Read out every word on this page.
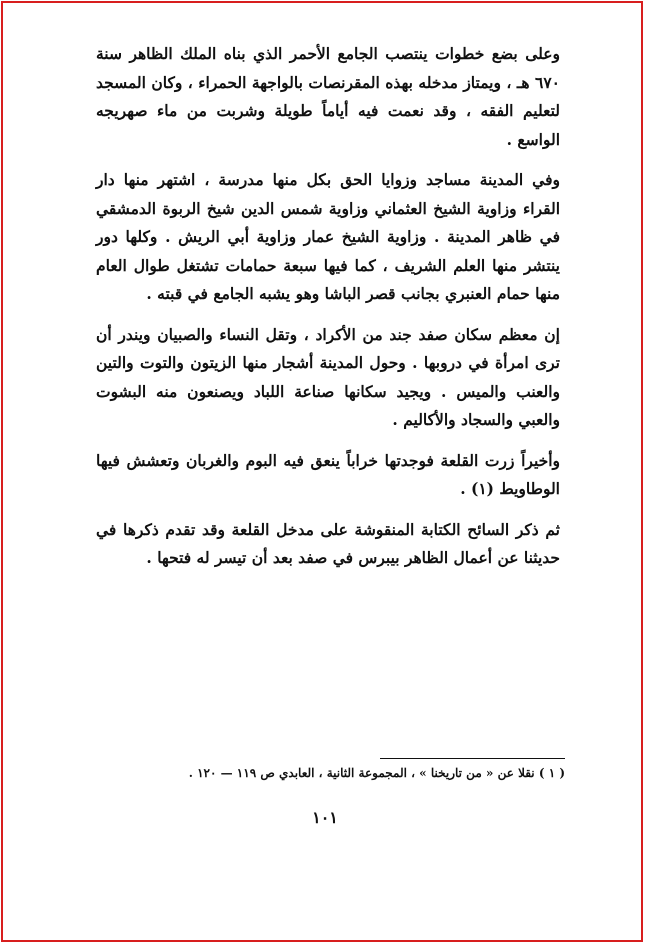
وعلى بضع خطوات ينتصب الجامع الأحمر الذي بناه الملك الظاهر سنة ٦٧٠ هـ ، ويمتاز مدخله بهذه المقرنصات بالواجهة الحمراء ، وكان المسجد لتعليم الفقه ، وقد نعمت فيه أياماً طويلة وشربت من ماء صهريجه الواسع .

وفي المدينة مساجد وزوايا الحق بكل منها مدرسة ، اشتهر منها دار القراء وزاوية الشيخ العثماني وزاوية شمس الدين شيخ الربوة الدمشقي في ظاهر المدينة . وزاوية الشيخ عمار وزاوية أبي الريش . وكلها دور ينتشر منها العلم الشريف ، كما فيها سبعة حمامات تشتغل طوال العام منها حمام العنبري بجانب قصر الباشا وهو يشبه الجامع في قبته .

إن معظم سكان صفد جند من الأكراد ، وتقل النساء والصبيان ويندر أن ترى امرأة في دروبها . وحول المدينة أشجار منها الزيتون والتوت والتين والعنب والميس . ويجيد سكانها صناعة اللباد ويصنعون منه البشوت والعبي والسجاد والأكاليم .

وأخيراً زرت القلعة فوجدتها خراباً ينعق فيه البوم والغربان وتعشش فيها الوطاويط (١) .

ثم ذكر السائح الكتابة المنقوشة على مدخل القلعة وقد تقدم ذكرها في حديثنا عن أعمال الظاهر بيبرس في صفد بعد أن تيسر له فتحها .

( ١ ) نقلا عن « من تاريخنا » ، المجموعة الثانية ، العابدي ص ١١٩ — ١٢٠ .
١٠١
